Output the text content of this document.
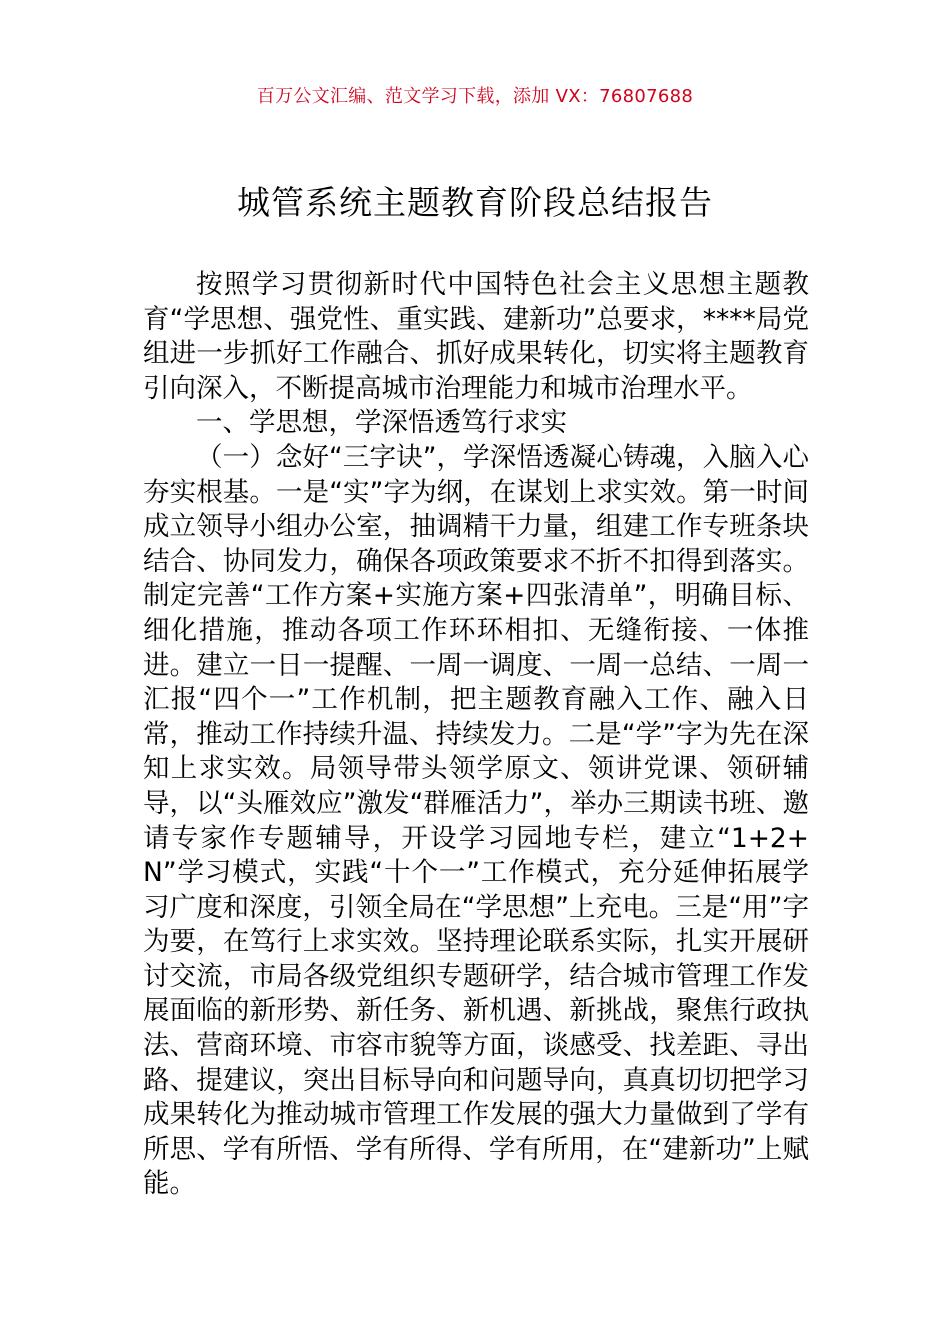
百万公文汇编、范文学习下载，添加 VX：76807688
城管系统主题教育阶段总结报告

按照学习贯彻新时代中国特色社会主义思想主题教育“学思想、强党性、重实践、建新功”总要求，****局党组进一步抓好工作融合、抓好成果转化，切实将主题教育引向深入，不断提高城市治理能力和城市治理水平。

一、学思想，学深悟透笃行求实

（一）念好“三字诀”，学深悟透凝心铸魂，入脑入心夯实根基。一是“实”字为纲，在谋划上求实效。第一时间成立领导小组办公室，抽调精干力量，组建工作专班条块结合、协同发力，确保各项政策要求不折不扣得到落实。制定完善“工作方案+实施方案+四张清单”，明确目标、细化措施，推动各项工作环环相扣、无缝衔接、一体推进。建立一日一提醒、一周一调度、一周一总结、一周一汇报“四个一”工作机制，把主题教育融入工作、融入日常，推动工作持续升温、持续发力。二是“学”字为先在深知上求实效。局领导带头领学原文、领讲党课、领研辅导，以“头雁效应”激发“群雁活力”，举办三期读书班、邀请专家作专题辅导，开设学习园地专栏，建立“1+2+N”学习模式，实践“十个一”工作模式，充分延伸拓展学习广度和深度，引领全局在“学思想”上充电。三是“用”字为要，在笃行上求实效。坚持理论联系实际，扎实开展研讨交流，市局各级党组织专题研学，结合城市管理工作发展面临的新形势、新任务、新机遇、新挑战，聚焦行政执法、营商环境、市容市貌等方面，谈感受、找差距、寻出路、提建议，突出目标导向和问题导向，真真切切把学习成果转化为推动城市管理工作发展的强大力量做到了学有所思、学有所悟、学有所得、学有所用，在“建新功”上赋能。
